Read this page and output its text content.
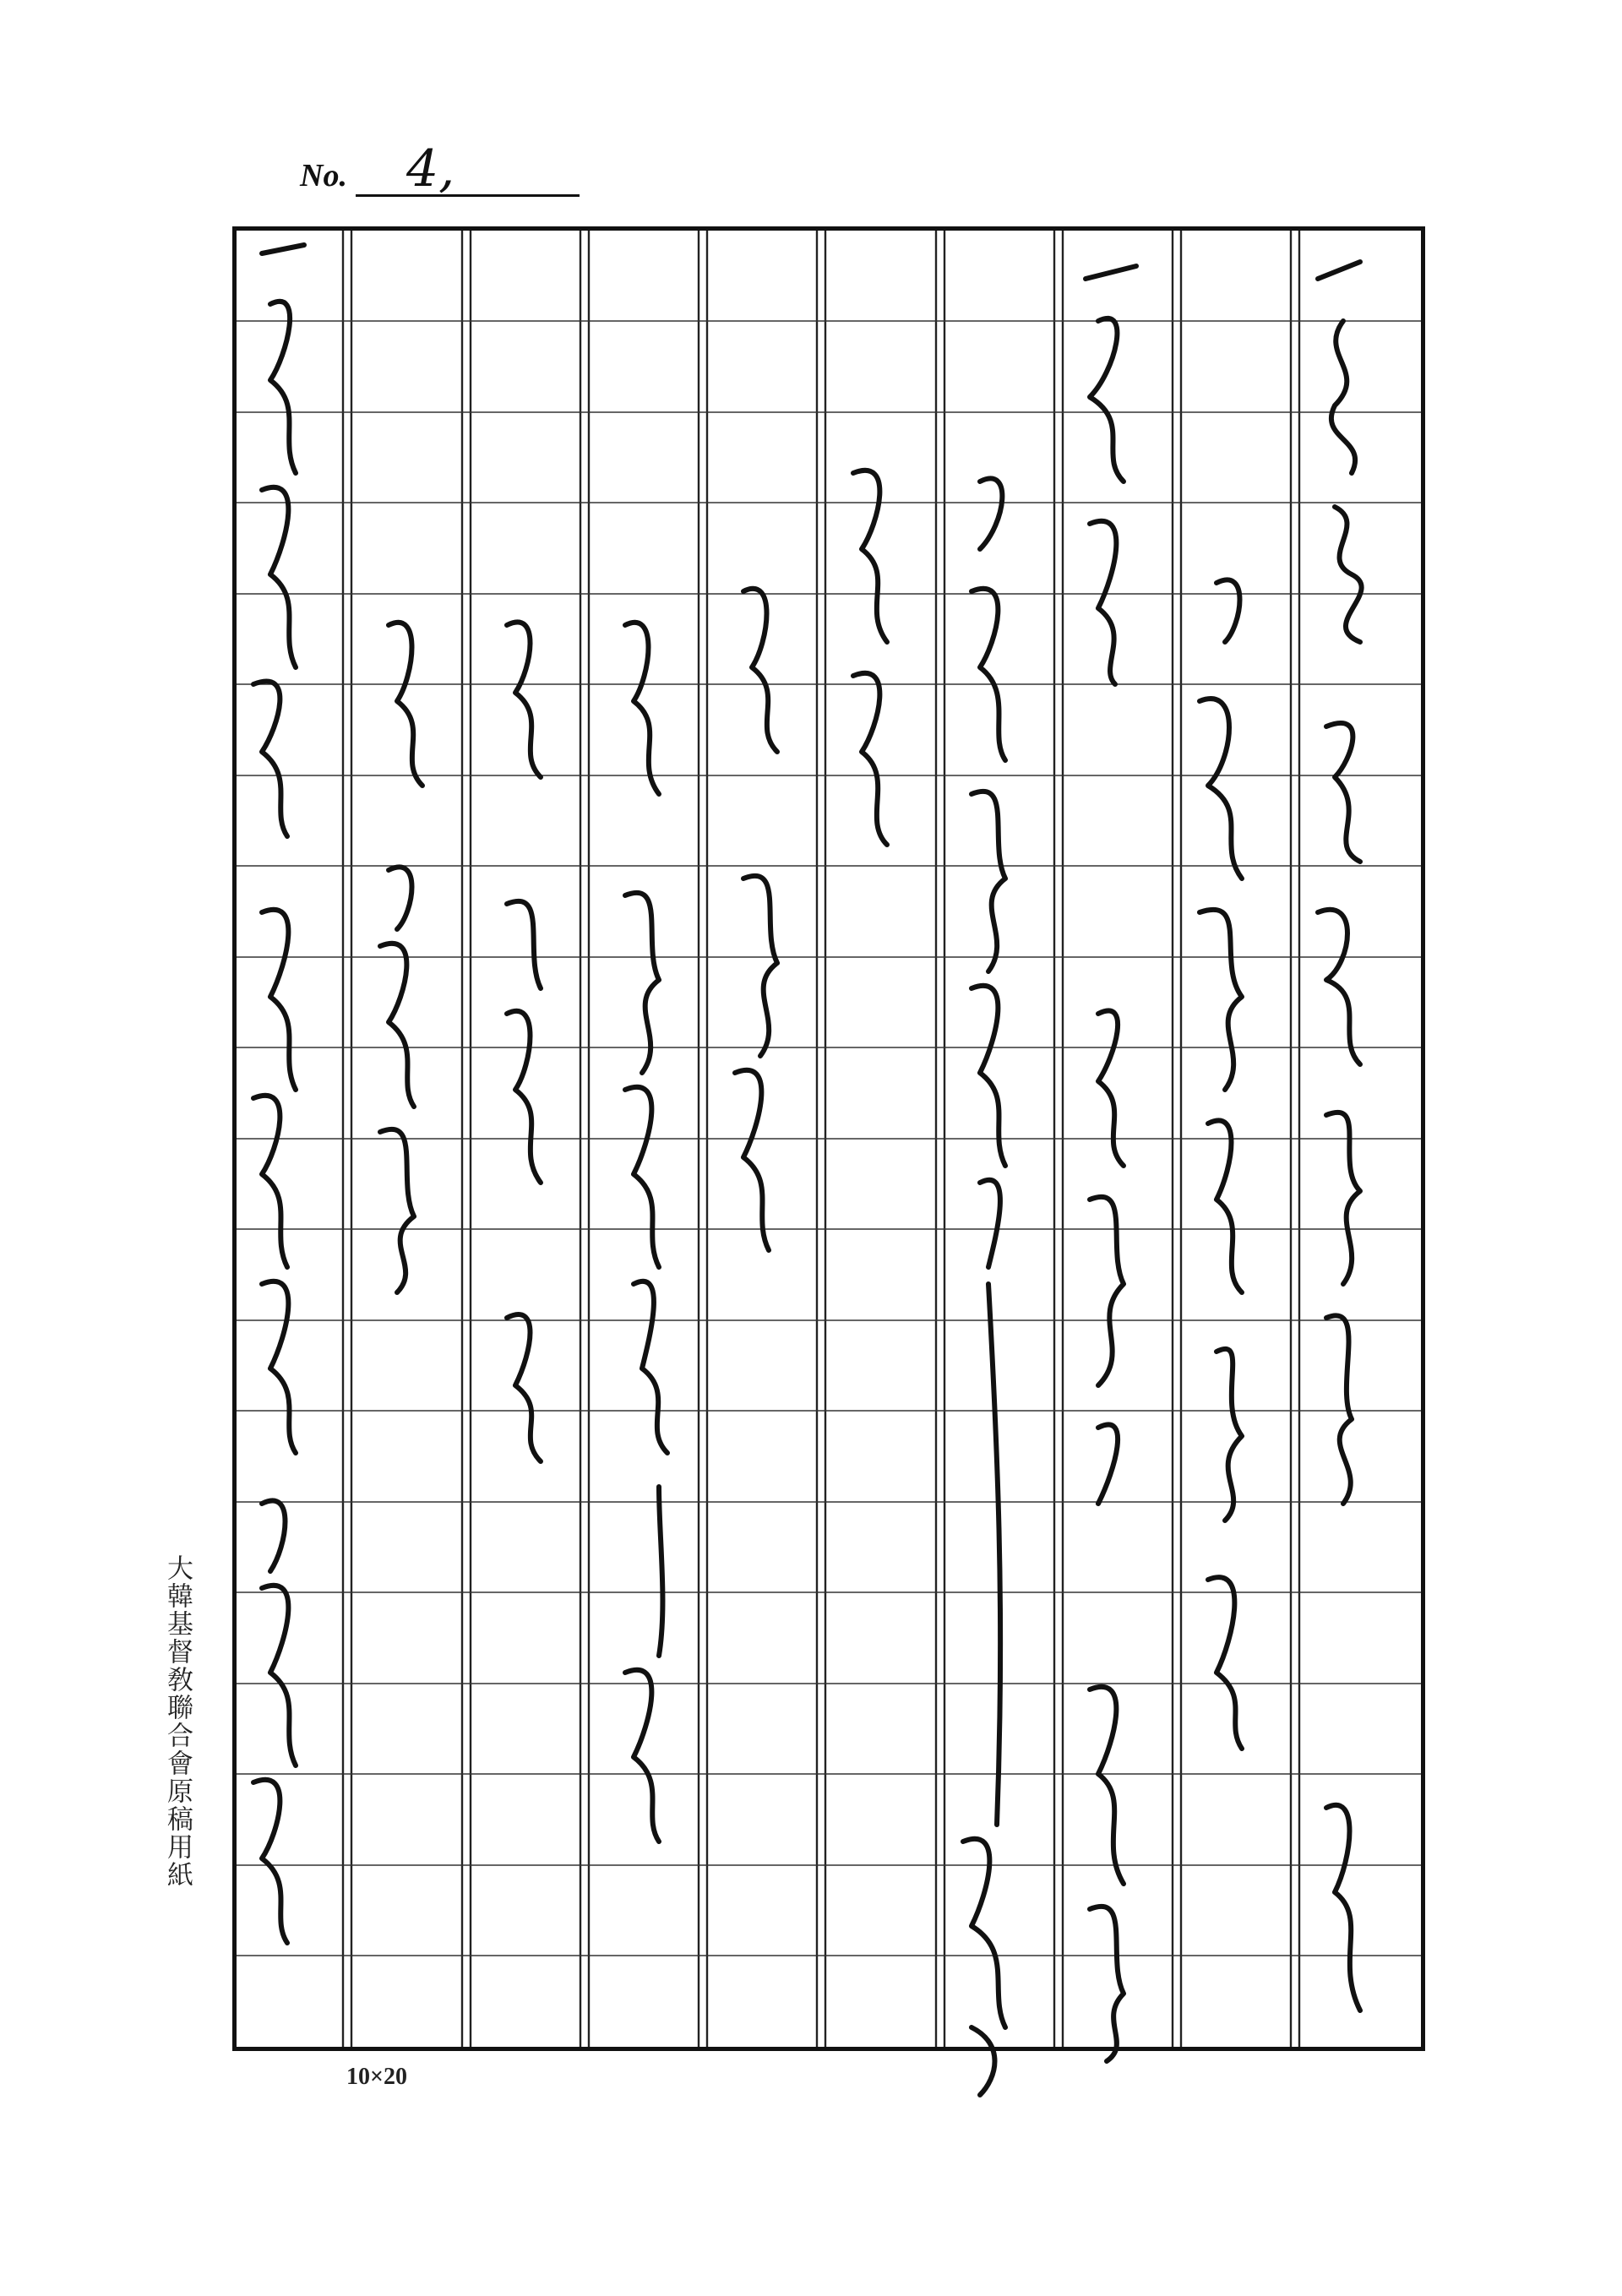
No.	4,
大韓基督敎聯合會原稿用紙
10×20
